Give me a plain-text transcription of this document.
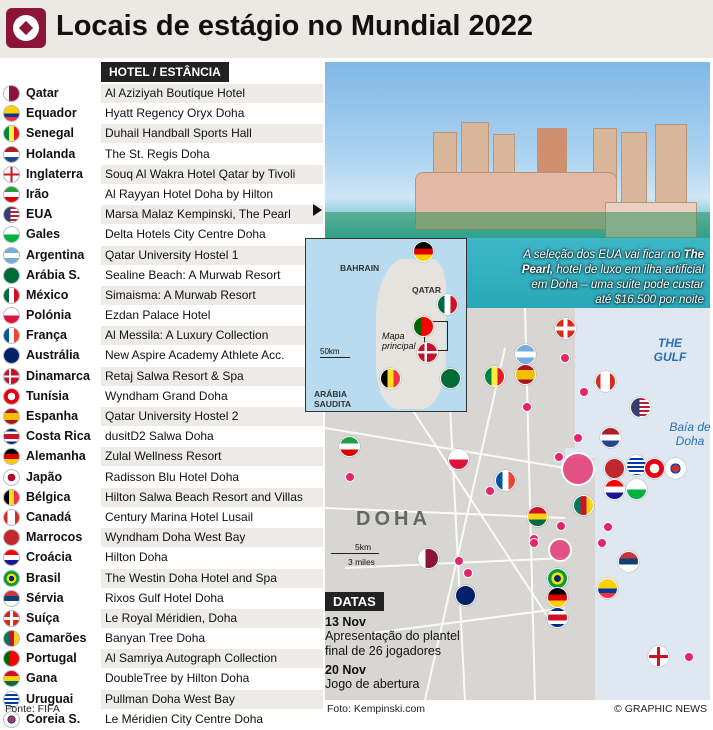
Locais de estágio no Mundial 2022
HOTEL / ESTÂNCIA
Qatar	Al Aziziyah Boutique Hotel
Equador	Hyatt Regency Oryx Doha
Senegal	Duhail Handball Sports Hall
Holanda	The St. Regis Doha
Inglaterra	Souq Al Wakra Hotel Qatar by Tivoli
Irão	Al Rayyan Hotel Doha by Hilton
EUA	Marsa Malaz Kempinski, The Pearl
Gales	Delta Hotels City Centre Doha
Argentina	Qatar University Hostel 1
Arábia S.	Sealine Beach: A Murwab Resort
México	Simaisma: A Murwab Resort
Polónia	Ezdan Palace Hotel
França	Al Messila: A Luxury Collection
Austrália	New Aspire Academy Athlete Acc.
Dinamarca	Retaj Salwa Resort & Spa
Tunísia	Wyndham Grand Doha
Espanha	Qatar University Hostel 2
Costa Rica	dusitD2 Salwa Doha
Alemanha	Zulal Wellness Resort
Japão	Radisson Blu Hotel Doha
Bélgica	Hilton Salwa Beach Resort and Villas
Canadá	Century Marina Hotel Lusail
Marrocos	Wyndham Doha West Bay
Croácia	Hilton Doha
Brasil	The Westin Doha Hotel and Spa
Sérvia	Rixos Gulf Hotel Doha
Suíça	Le Royal Méridien, Doha
Camarões	Banyan Tree Doha
Portugal	Al Samriya Autograph Collection
Gana	DoubleTree by Hilton Doha
Uruguai	Pullman Doha West Bay
Coreia S.	Le Méridien City Centre Doha
A seleção dos EUA vai ficar no The Pearl, hotel de luxo em ilha artificial em Doha – uma suite pode custar até $16.500 por noite
BAHRAIN
QATAR
ARÁBIA SAUDITA
Mapa principal
50km
DOHA
THE GULF
Baía de Doha
5km
3 miles
DATAS
13 Nov
Apresentação do plantel final de 26 jogadores
20 Nov
Jogo de abertura
Fonte: FIFA	Foto: Kempinski.com	© GRAPHIC NEWS
